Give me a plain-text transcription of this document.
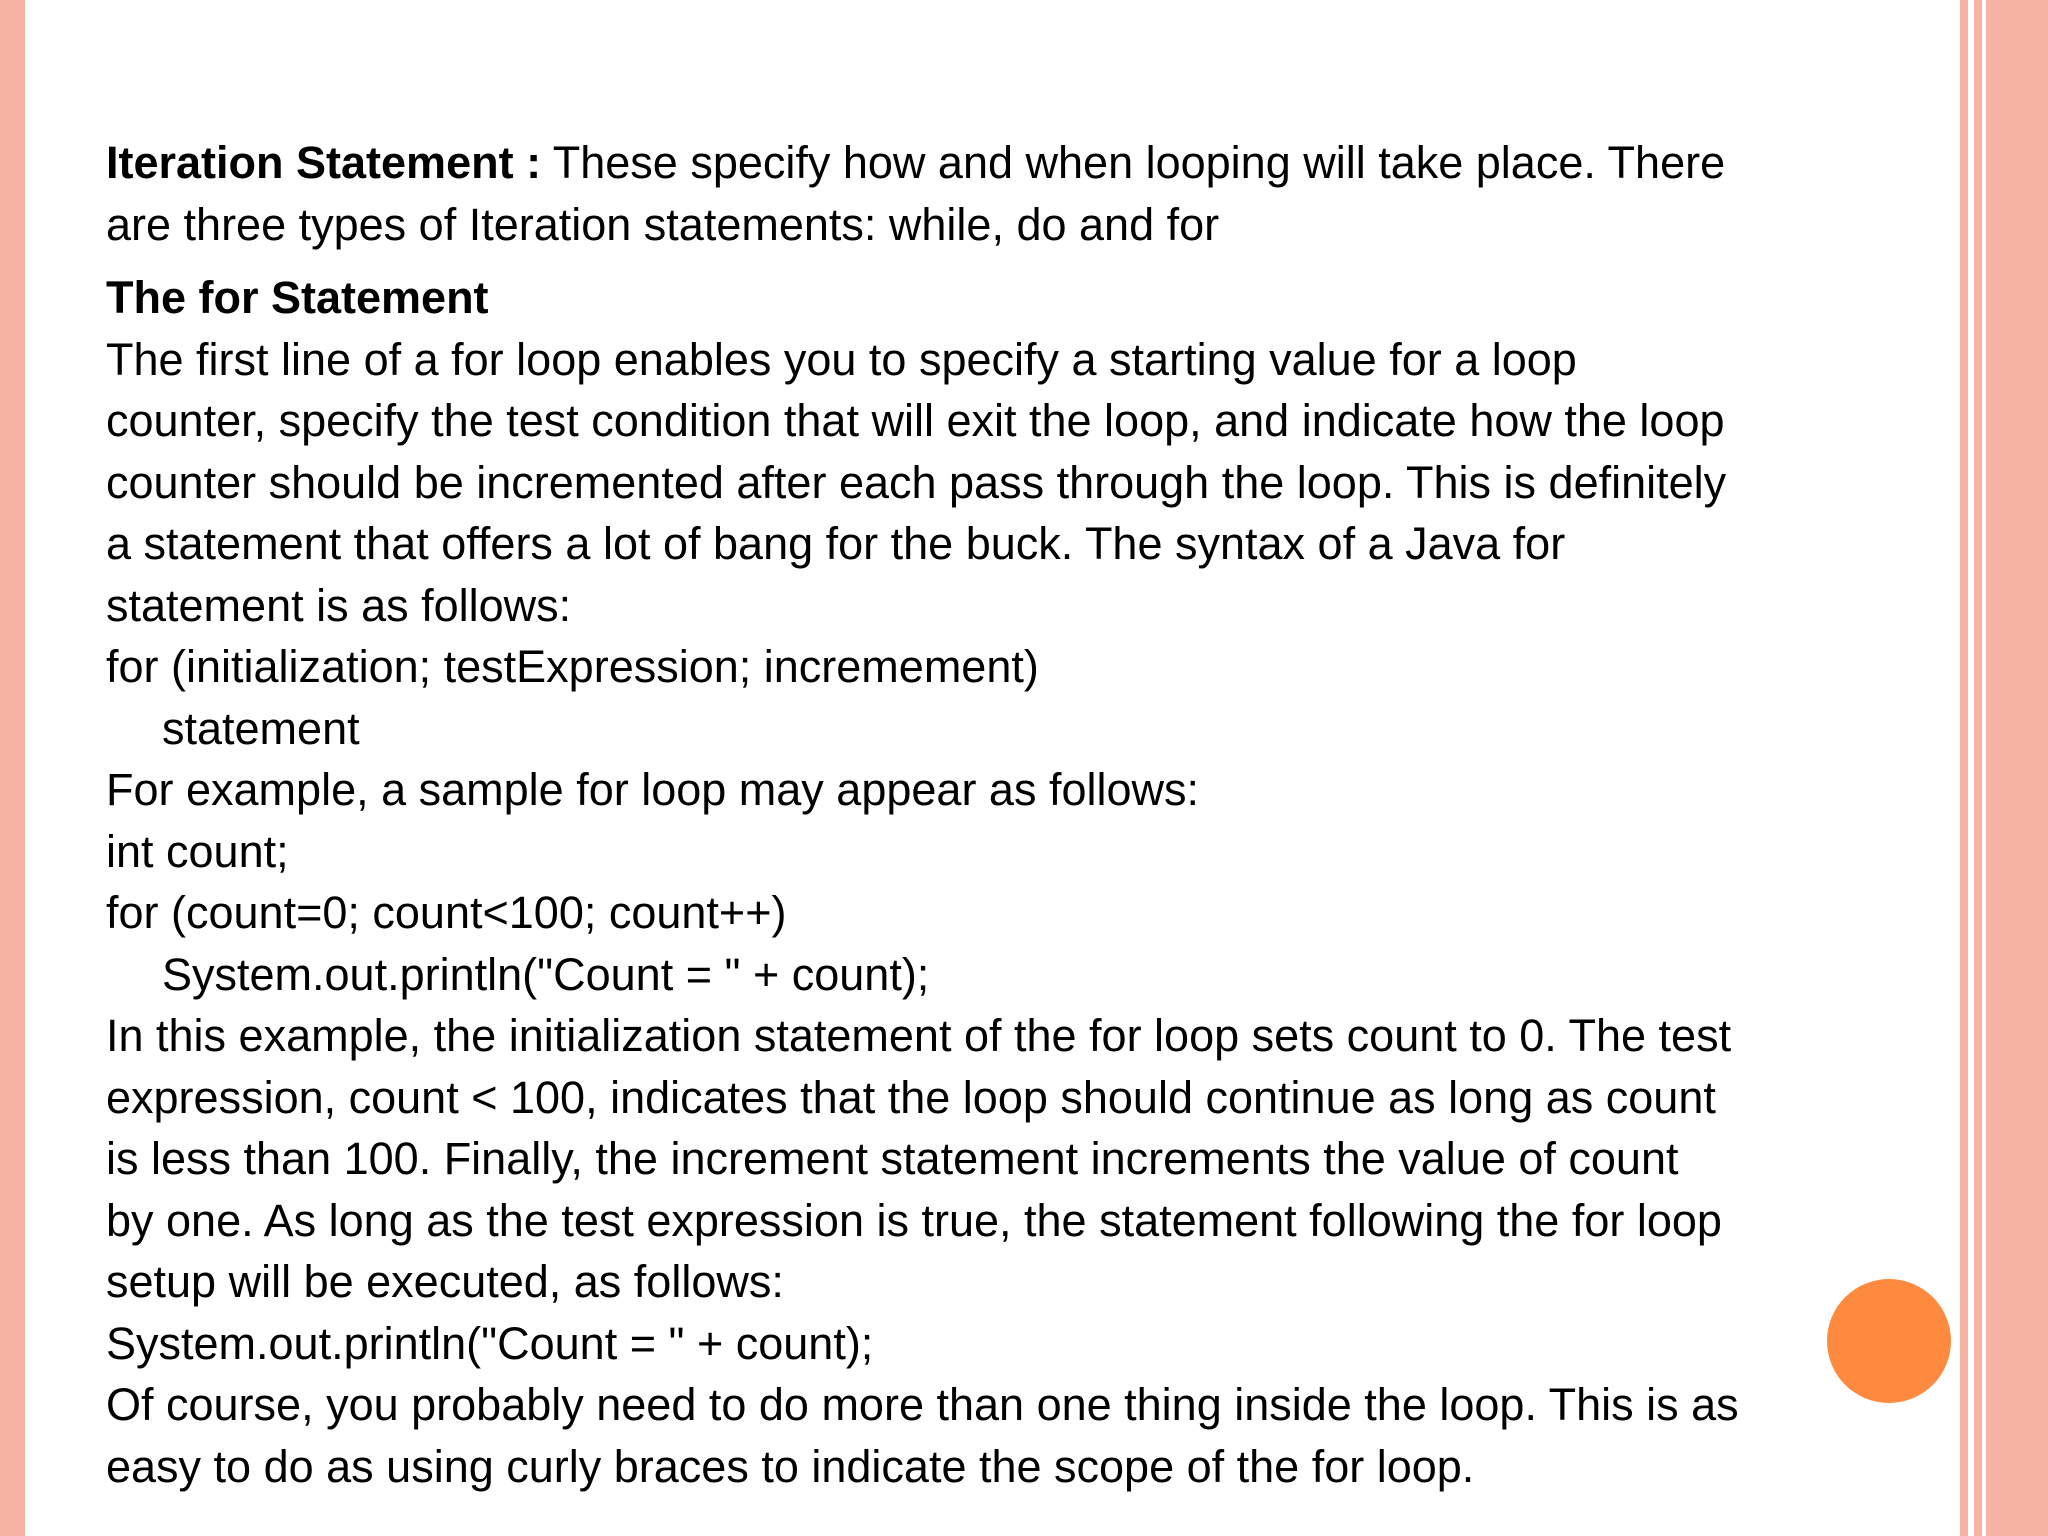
Iteration Statement : These specify how and when looping will take place. There
are three types of Iteration statements: while, do and for
The for Statement
The first line of a for loop enables you to specify a starting value for a loop
counter, specify the test condition that will exit the loop, and indicate how the loop
counter should be incremented after each pass through the loop. This is definitely
a statement that offers a lot of bang for the buck. The syntax of a Java for
statement is as follows:
for (initialization; testExpression; incremement)
statement
For example, a sample for loop may appear as follows:
int count;
for (count=0; count<100; count++)
System.out.println("Count = " + count);
In this example, the initialization statement of the for loop sets count to 0. The test
expression, count < 100, indicates that the loop should continue as long as count
is less than 100. Finally, the increment statement increments the value of count
by one. As long as the test expression is true, the statement following the for loop
setup will be executed, as follows:
System.out.println("Count = " + count);
Of course, you probably need to do more than one thing inside the loop. This is as
easy to do as using curly braces to indicate the scope of the for loop.
